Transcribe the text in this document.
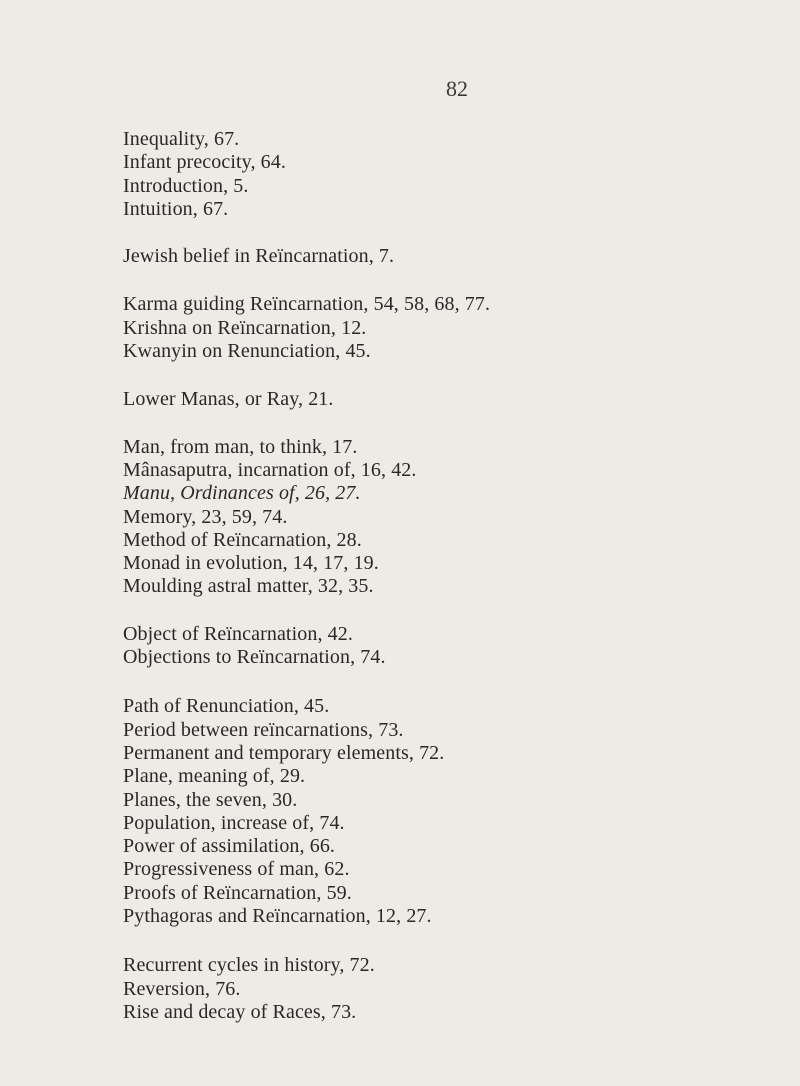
82
Inequality, 67.
Infant precocity, 64.
Introduction, 5.
Intuition, 67.
Jewish belief in Reïncarnation, 7.
Karma guiding Reïncarnation, 54, 58, 68, 77.
Krishna on Reïncarnation, 12.
Kwanyin on Renunciation, 45.
Lower Manas, or Ray, 21.
Man, from man, to think, 17.
Mânasaputra, incarnation of, 16, 42.
Manu, Ordinances of, 26, 27.
Memory, 23, 59, 74.
Method of Reïncarnation, 28.
Monad in evolution, 14, 17, 19.
Moulding astral matter, 32, 35.
Object of Reïncarnation, 42.
Objections to Reïncarnation, 74.
Path of Renunciation, 45.
Period between reïncarnations, 73.
Permanent and temporary elements, 72.
Plane, meaning of, 29.
Planes, the seven, 30.
Population, increase of, 74.
Power of assimilation, 66.
Progressiveness of man, 62.
Proofs of Reïncarnation, 59.
Pythagoras and Reïncarnation, 12, 27.
Recurrent cycles in history, 72.
Reversion, 76.
Rise and decay of Races, 73.
